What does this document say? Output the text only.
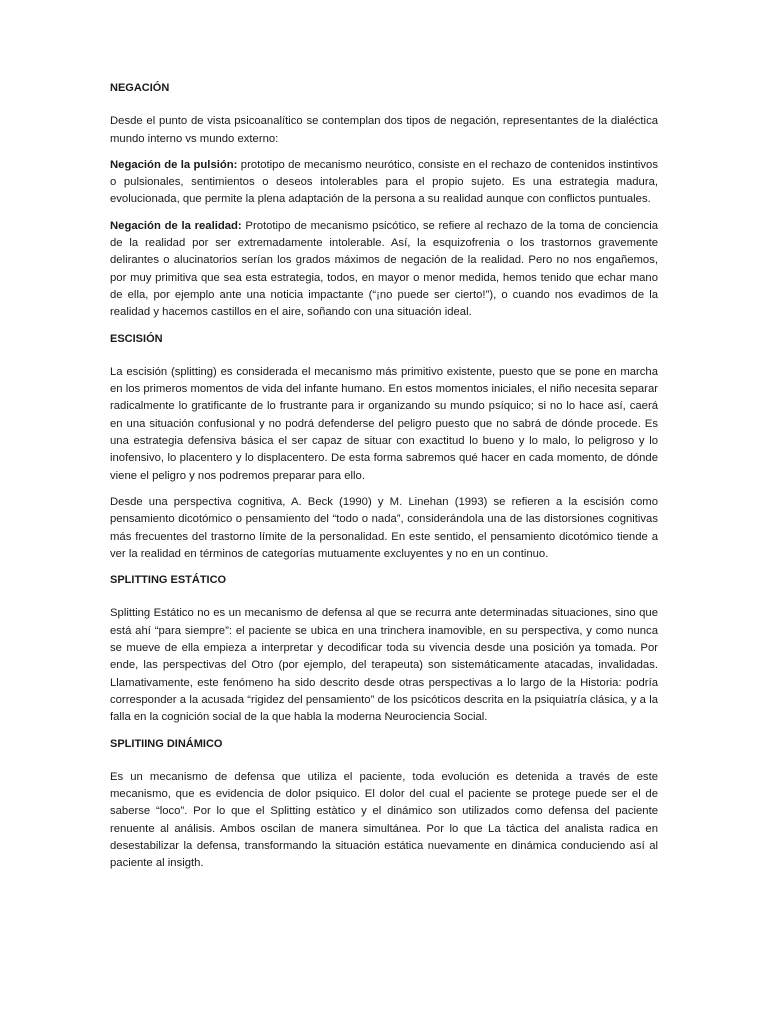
NEGACIÓN

Desde el punto de vista psicoanalítico se contemplan dos tipos de negación, representantes de la dialéctica mundo interno vs mundo externo:

Negación de la pulsión: prototipo de mecanismo neurótico, consiste en el rechazo de contenidos instintivos o pulsionales, sentimientos o deseos intolerables para el propio sujeto. Es una estrategia madura, evolucionada, que permite la plena adaptación de la persona a su realidad aunque con conflictos puntuales.

Negación de la realidad: Prototipo de mecanismo psicótico, se refiere al rechazo de la toma de conciencia de la realidad por ser extremadamente intolerable. Así, la esquizofrenia o los trastornos gravemente delirantes o alucinatorios serían los grados máximos de negación de la realidad. Pero no nos engañemos, por muy primitiva que sea esta estrategia, todos, en mayor o menor medida, hemos tenido que echar mano de ella, por ejemplo ante una noticia impactante (“¡no puede ser cierto!”), o cuando nos evadimos de la realidad y hacemos castillos en el aire, soñando con una situación ideal.

ESCISIÓN

La escisión (splitting) es considerada el mecanismo más primitivo existente, puesto que se pone en marcha en los primeros momentos de vida del infante humano. En estos momentos iniciales, el niño necesita separar radicalmente lo gratificante de lo frustrante para ir organizando su mundo psíquico; si no lo hace así, caerá en una situación confusional y no podrá defenderse del peligro puesto que no sabrá de dónde procede. Es una estrategia defensiva básica el ser capaz de situar con exactitud lo bueno y lo malo, lo peligroso y lo inofensivo, lo placentero y lo displacentero. De esta forma sabremos qué hacer en cada momento, de dónde viene el peligro y nos podremos preparar para ello.

Desde una perspectiva cognitiva, A. Beck (1990) y M. Linehan (1993) se refieren a la escisión como pensamiento dicotómico o pensamiento del “todo o nada”, considerándola una de las distorsiones cognitivas más frecuentes del trastorno límite de la personalidad. En este sentido, el pensamiento dicotómico tiende a ver la realidad en términos de categorías mutuamente excluyentes y no en un continuo.

SPLITTING ESTÁTICO

Splitting Estático no es un mecanismo de defensa al que se recurra ante determinadas situaciones, sino que está ahí “para siempre”: el paciente se ubica en una trinchera inamovible, en su perspectiva, y como nunca se mueve de ella empieza a interpretar y decodificar toda su vivencia desde una posición ya tomada. Por ende, las perspectivas del Otro (por ejemplo, del terapeuta) son sistemáticamente atacadas, invalidadas. Llamativamente, este fenómeno ha sido descrito desde otras perspectivas a lo largo de la Historia: podría corresponder a la acusada “rigidez del pensamiento” de los psicóticos descrita en la psiquiatría clásica, y a la falla en la cognición social de la que habla la moderna Neurociencia Social.

SPLITIING DINÁMICO

Es un mecanismo de defensa que utiliza el paciente, toda evolución es detenida a través de este mecanismo, que es evidencia de dolor psiquico. El dolor del cual el paciente se protege puede ser el de saberse “loco”. Por lo que el Splitting estàtico y el dinámico son utilizados como defensa del paciente renuente al análisis. Ambos oscilan de manera simultánea. Por lo que La táctica del analista radica en desestabilizar la defensa, transformando la situación estática nuevamente en dinámica conduciendo así al paciente al insigth.
